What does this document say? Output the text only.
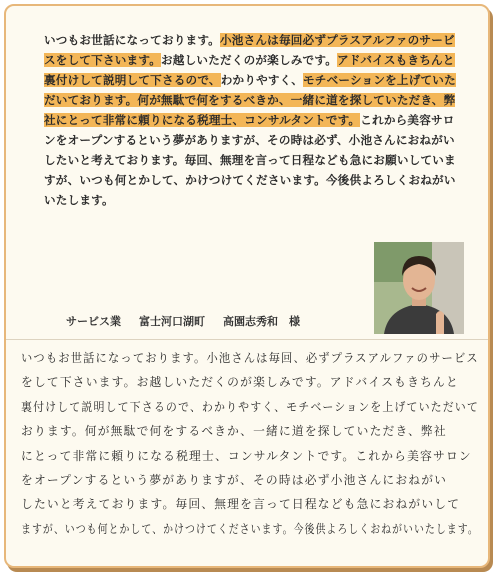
いつもお世話になっております。小池さんは毎回必ずプラスアルファのサービスをして下さいます。お越しいただくのが楽しみです。アドバイスもきちんと裏付けして説明して下さるので、わかりやすく、モチベーションを上げていただいております。何が無駄で何をするべきか、一緒に道を探していただき、弊社にとって非常に頼りになる税理士、コンサルタントです。これから美容サロンをオープンするという夢がありますが、その時は必ず、小池さんにおねがいしたいと考えております。毎回、無理を言って日程なども急にお願いしていますが、いつも何とかして、かけつけてくださいます。今後供よろしくおねがいいたします。
サービス業 富士河口湖町 高園志秀和　様
いつもお世話になっております。小池さんは毎回、必ずプラスアルファのサービス
をして下さいます。お越しいただくのが楽しみです。アドバイスもきちんと
裏付けして説明して下さるので、わかりやすく、モチベーションを上げていただいて
おります。何が無駄で何をするべきか、一緒に道を探していただき、弊社
にとって非常に頼りになる税理士、コンサルタントです。これから美容サロン
をオープンするという夢がありますが、その時は必ず小池さんにおねがい
したいと考えております。毎回、無理を言って日程なども急におねがいして
ますが、いつも何とかして、かけつけてくださいます。今後供よろしくおねがいいたします。
